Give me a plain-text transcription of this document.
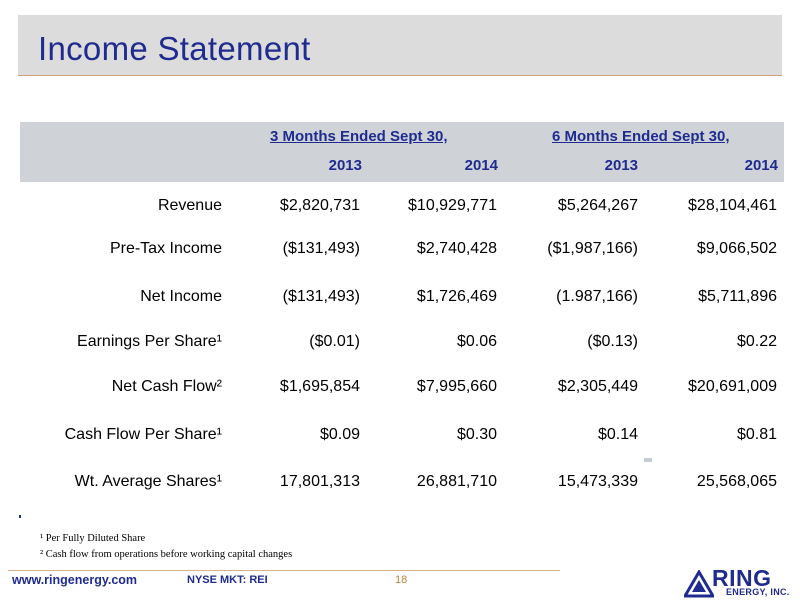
Income Statement
3 Months Ended Sept 30,	6 Months Ended Sept 30,
2013	2014	2013	2014
Revenue	$2,820,731	$10,929,771	$5,264,267	$28,104,461
Pre-Tax Income	($131,493)	$2,740,428	($1,987,166)	$9,066,502
Net Income	($131,493)	$1,726,469	(1.987,166)	$5,711,896
Earnings Per Share¹	($0.01)	$0.06	($0.13)	$0.22
Net Cash Flow²	$1,695,854	$7,995,660	$2,305,449	$20,691,009
Cash Flow Per Share¹	$0.09	$0.30	$0.14	$0.81
Wt. Average Shares¹	17,801,313	26,881,710	15,473,339	25,568,065
¹ Per Fully Diluted Share
² Cash flow from operations before working capital changes
www.ringenergy.com	NYSE MKT: REI	18	RING
ENERGY, INC.
